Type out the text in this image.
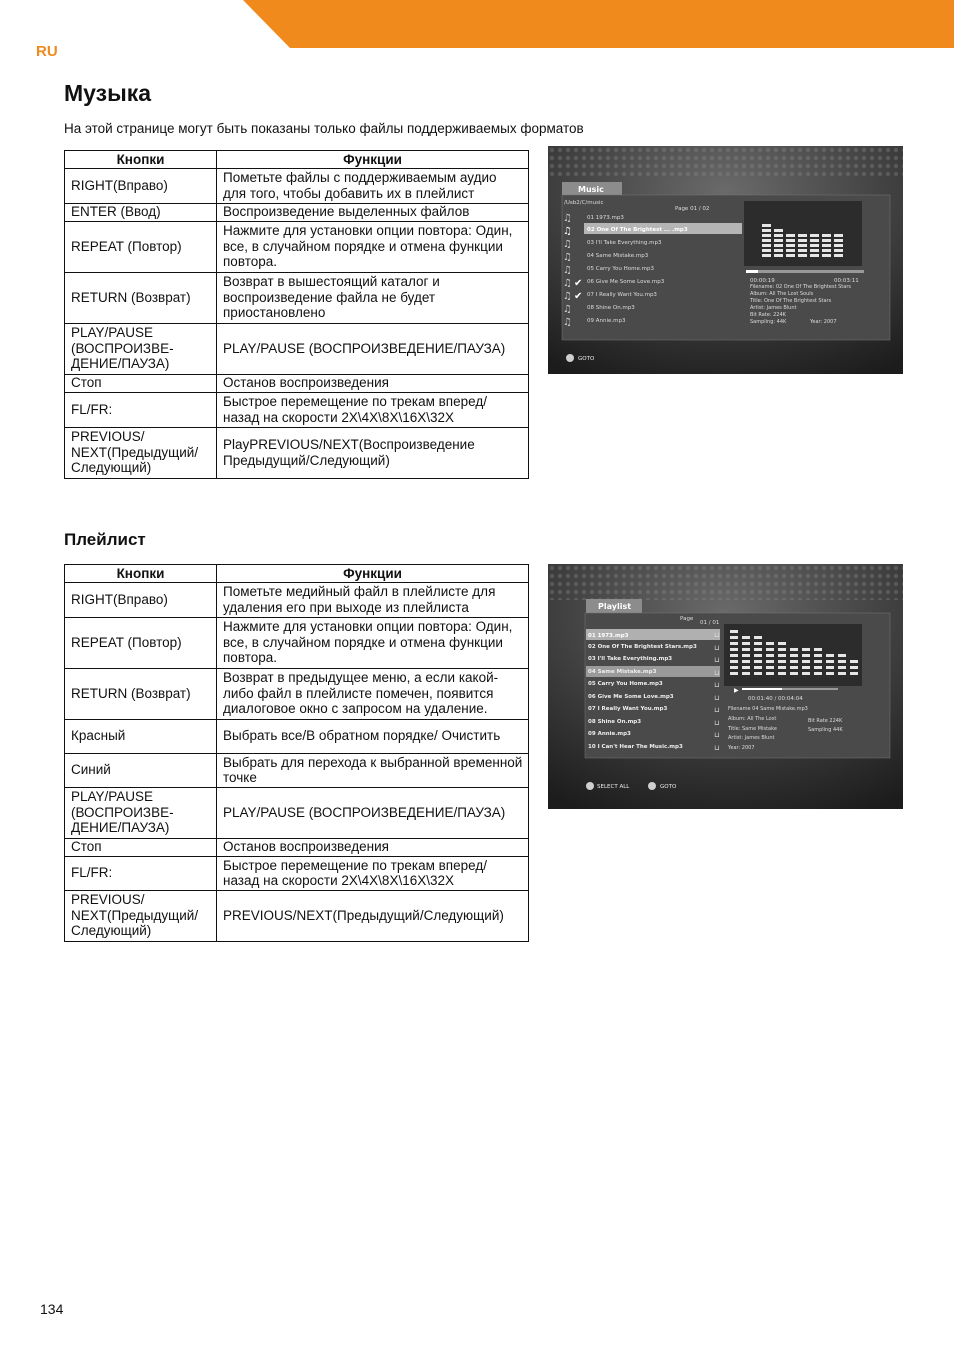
RU
Музыка
На этой странице могут быть показаны только файлы поддерживаемых форматов
Кнопки	Функции
RIGHT(Вправо)	Пометьте файлы с поддерживаемым аудио для того, чтобы добавить их в плейлист
ENTER (Ввод)	Воспроизведение выделенных файлов
REPEAT (Повтор)	Нажмите для установки опции повтора: Один, все, в случайном порядке и отмена функции повтора.
RETURN (Возврат)	Возврат в вышестоящий каталог и воспроизведение файла не будет приостановлено
PLAY/PAUSE (ВОСПРОИЗВЕ-ДЕНИЕ/ПАУЗА)	PLAY/PAUSE (ВОСПРОИЗВЕДЕНИЕ/ПАУЗА)
Стоп	Останов воспроизведения
FL/FR:	Быстрое перемещение по трекам вперед/назад на скорости 2X\4X\8X\16X\32X
PREVIOUS/ NEXT(Предыдущий/ Следующий)	PlayPREVIOUS/NEXT(Воспроизведение Предыдущий/Следующий)
Music
/Usb2/C/music
Page 01 / 02
01 1973.mp3
02 One Of The Brightest ... .mp3
03 I'll Take Everything.mp3
04 Same Mistake.mp3
05 Carry You Home.mp3
06 Give Me Some Love.mp3
07 I Really Want You.mp3
08 Shine On.mp3
09 Annie.mp3
♫
♫
♫
♫
♫
♫
♫
♫
♫
✔
✔
00:00:19	00:03:11
Filename: 02 One Of The Brightest Stars
Album: All The Lost Souls
Title: One Of The Brightest Stars
Artist: James Blunt
Bit Rate: 224K
Sampling: 44K	Year: 2007
GOTO
Плейлист
Кнопки	Функции
RIGHT(Вправо)	Пометьте медийный файл в плейлисте для удаления его при выходе из плейлиста
REPEAT (Повтор)	Нажмите для установки опции повтора: Один, все, в случайном порядке и отмена функции повтора.
RETURN (Возврат)	Возврат в предыдущее меню, а если какой-либо файл в плейлисте помечен, появится диалоговое окно с запросом на удаление.
Красный	Выбрать все/В обратном порядке/ Очистить
Синий	Выбрать для перехода к выбранной временной точке
PLAY/PAUSE (ВОСПРОИЗВЕ-ДЕНИЕ/ПАУЗА)	PLAY/PAUSE (ВОСПРОИЗВЕДЕНИЕ/ПАУЗА)
Стоп	Останов воспроизведения
FL/FR:	Быстрое перемещение по трекам вперед/назад на скорости 2X\4X\8X\16X\32X
PREVIOUS/ NEXT(Предыдущий/ Следующий)	PREVIOUS/NEXT(Предыдущий/Следующий)
Playlist
Page
01 / 01
01 1973.mp3
02 One Of The Brightest Stars.mp3
03 I'll Take Everything.mp3
04 Same Mistake.mp3
05 Carry You Home.mp3
06 Give Me Some Love.mp3
07 I Really Want You.mp3
08 Shine On.mp3
09 Annie.mp3
10 I Can't Hear The Music.mp3
⊔
⊔
⊔
⊔
⊔
⊔
⊔
⊔
⊔
⊔
▶
00:01:40 / 00:04:04
Filename 04 Same Mistake.mp3
Album: All The Lost
Title: Same Mistake
Artist: James Blunt
Year: 2007
Bit Rate 224K
Sampling 44K
SELECT ALL	GOTO
134
